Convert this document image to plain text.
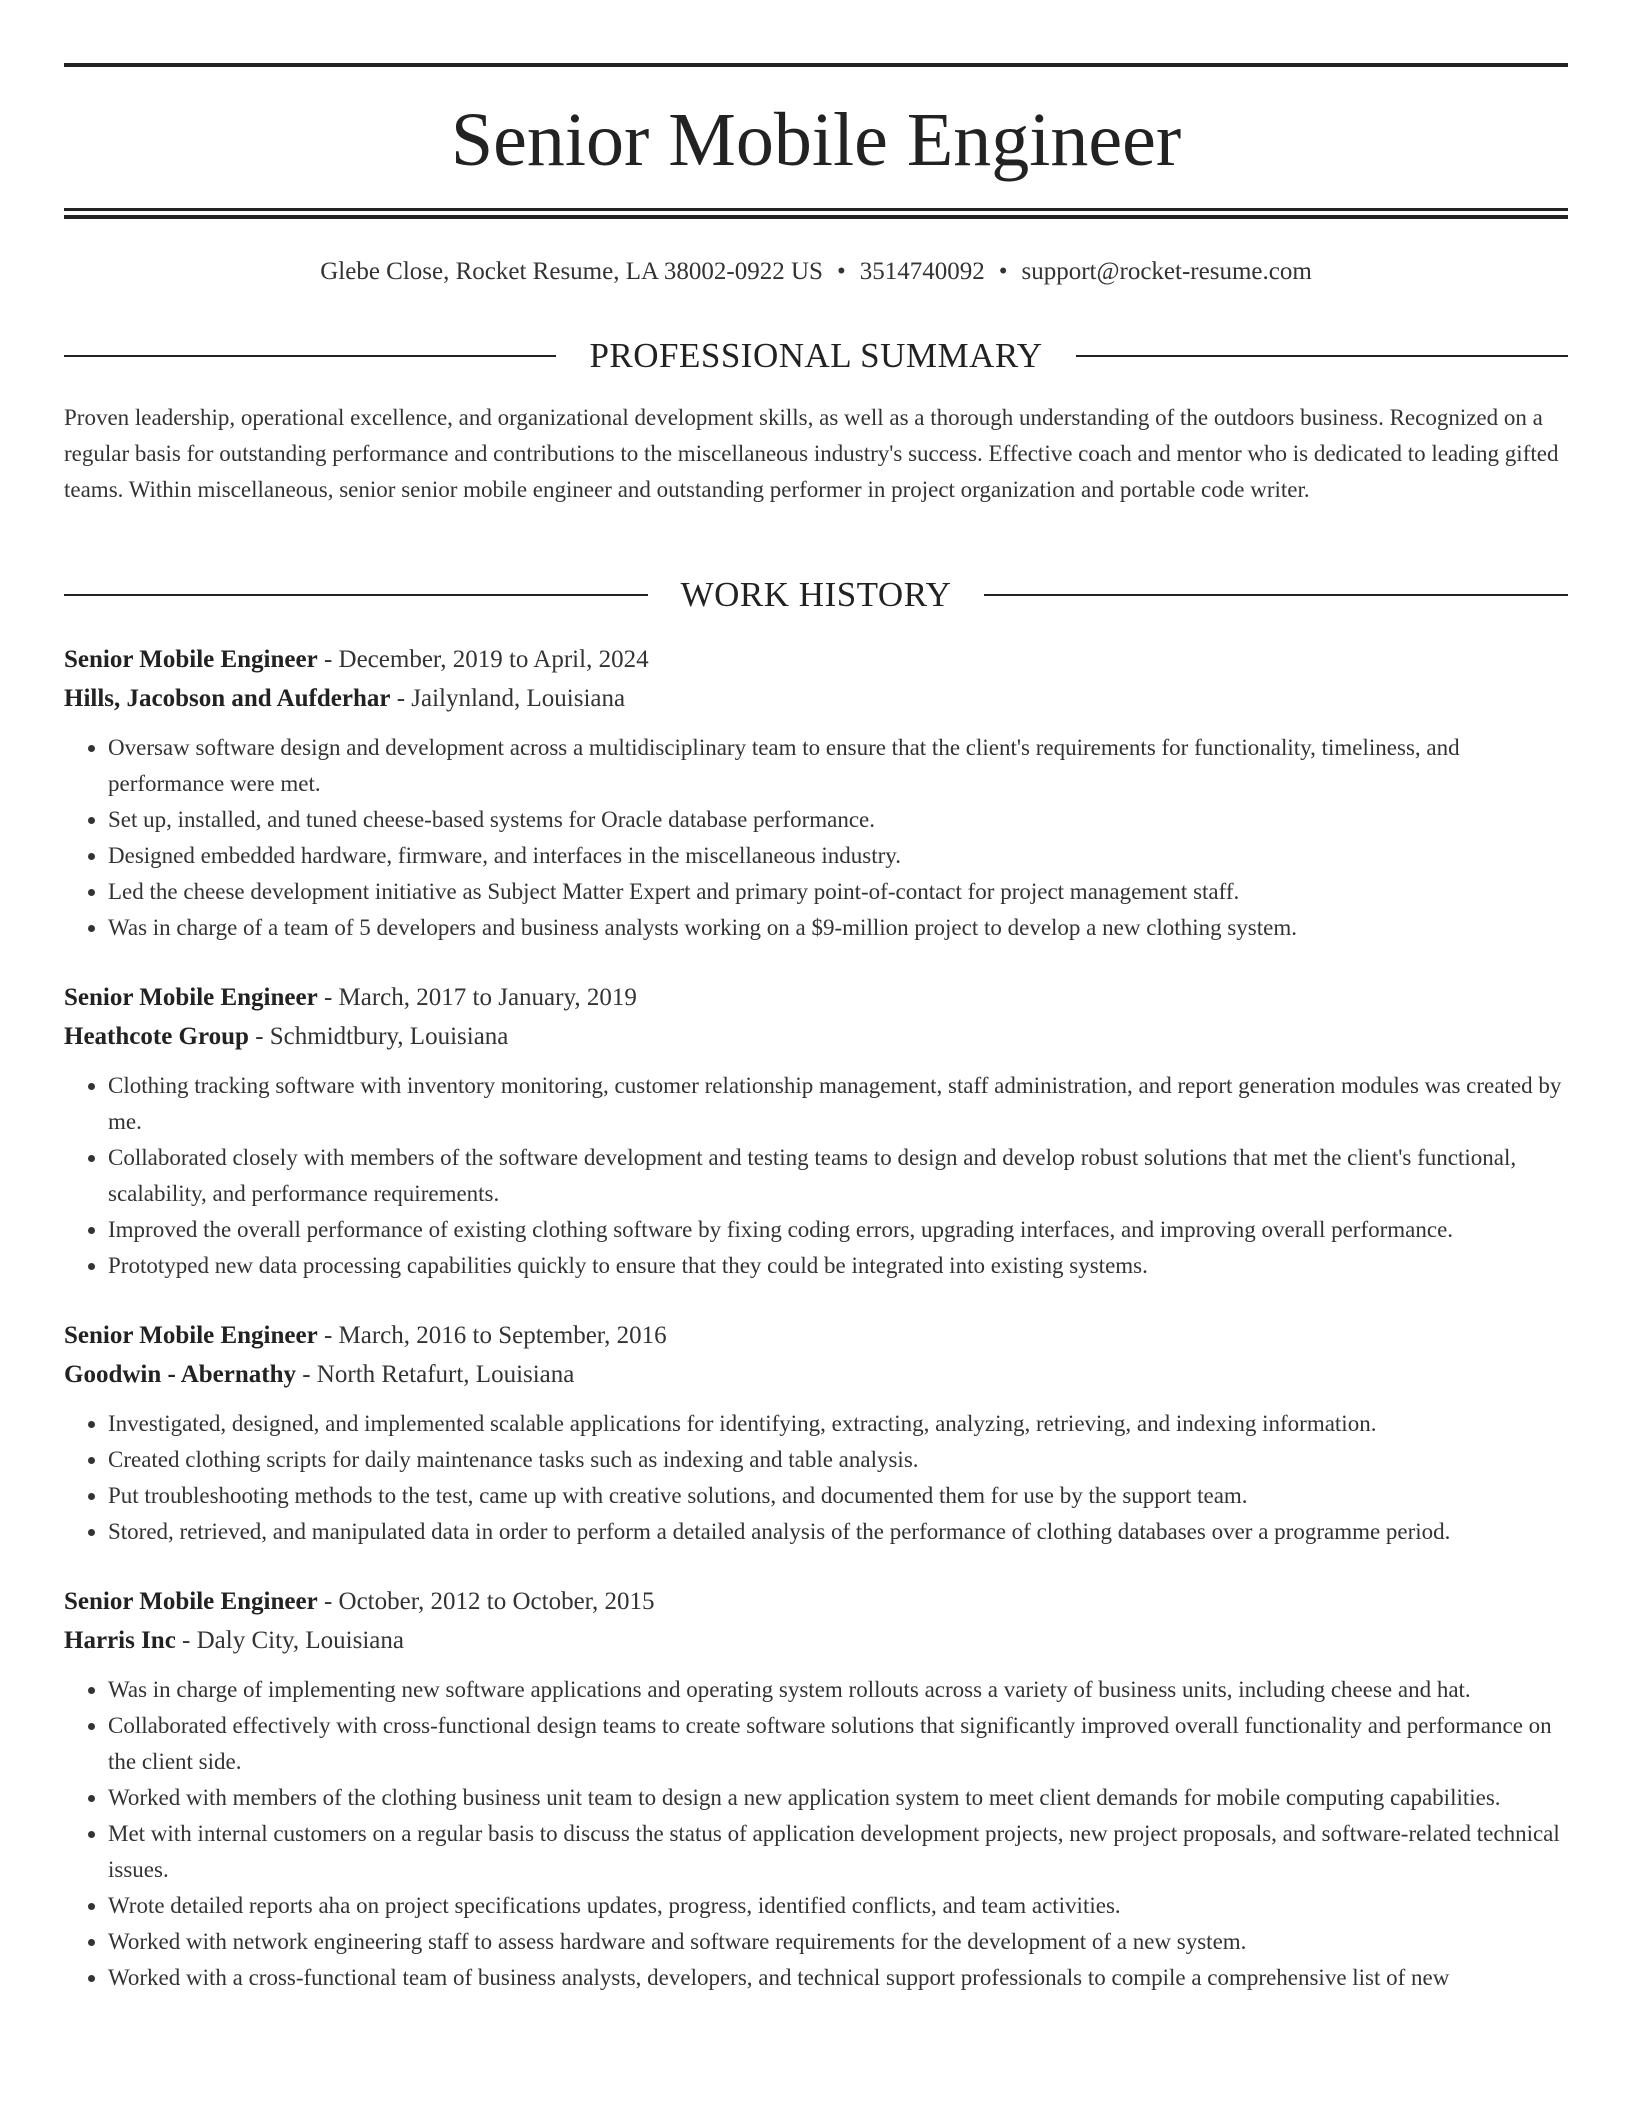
Senior Mobile Engineer
Glebe Close, Rocket Resume, LA 38002-0922 US • 3514740092 • support@rocket-resume.com
PROFESSIONAL SUMMARY

Proven leadership, operational excellence, and organizational development skills, as well as a thorough understanding of the outdoors business. Recognized on a regular basis for outstanding performance and contributions to the miscellaneous industry's success. Effective coach and mentor who is dedicated to leading gifted teams. Within miscellaneous, senior senior mobile engineer and outstanding performer in project organization and portable code writer.

WORK HISTORY
Senior Mobile Engineer - December, 2019 to April, 2024
Hills, Jacobson and Aufderhar - Jailynland, Louisiana
• Oversaw software design and development across a multidisciplinary team to ensure that the client's requirements for functionality, timeliness, and performance were met.
• Set up, installed, and tuned cheese-based systems for Oracle database performance.
• Designed embedded hardware, firmware, and interfaces in the miscellaneous industry.
• Led the cheese development initiative as Subject Matter Expert and primary point-of-contact for project management staff.
• Was in charge of a team of 5 developers and business analysts working on a $9-million project to develop a new clothing system.
Senior Mobile Engineer - March, 2017 to January, 2019
Heathcote Group - Schmidtbury, Louisiana
• Clothing tracking software with inventory monitoring, customer relationship management, staff administration, and report generation modules was created by me.
• Collaborated closely with members of the software development and testing teams to design and develop robust solutions that met the client's functional, scalability, and performance requirements.
• Improved the overall performance of existing clothing software by fixing coding errors, upgrading interfaces, and improving overall performance.
• Prototyped new data processing capabilities quickly to ensure that they could be integrated into existing systems.
Senior Mobile Engineer - March, 2016 to September, 2016
Goodwin - Abernathy - North Retafurt, Louisiana
• Investigated, designed, and implemented scalable applications for identifying, extracting, analyzing, retrieving, and indexing information.
• Created clothing scripts for daily maintenance tasks such as indexing and table analysis.
• Put troubleshooting methods to the test, came up with creative solutions, and documented them for use by the support team.
• Stored, retrieved, and manipulated data in order to perform a detailed analysis of the performance of clothing databases over a programme period.
Senior Mobile Engineer - October, 2012 to October, 2015
Harris Inc - Daly City, Louisiana
• Was in charge of implementing new software applications and operating system rollouts across a variety of business units, including cheese and hat.
• Collaborated effectively with cross-functional design teams to create software solutions that significantly improved overall functionality and performance on the client side.
• Worked with members of the clothing business unit team to design a new application system to meet client demands for mobile computing capabilities.
• Met with internal customers on a regular basis to discuss the status of application development projects, new project proposals, and software-related technical issues.
• Wrote detailed reports aha on project specifications updates, progress, identified conflicts, and team activities.
• Worked with network engineering staff to assess hardware and software requirements for the development of a new system.
• Worked with a cross-functional team of business analysts, developers, and technical support professionals to compile a comprehensive list of new
